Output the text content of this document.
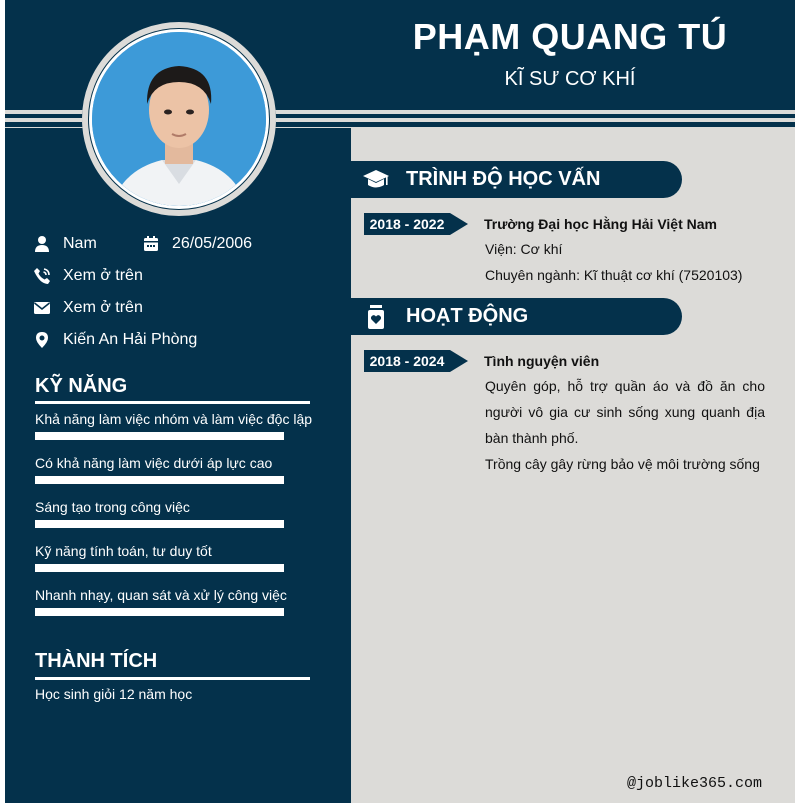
PHẠM QUANG TÚ
KĨ SƯ CƠ KHÍ
Nam	26/05/2006
Xem ở trên
Xem ở trên
Kiến An Hải Phòng
KỸ NĂNG
Khả năng làm việc nhóm và làm việc độc lập
Có khả năng làm việc dưới áp lực cao
Sáng tạo trong công việc
Kỹ năng tính toán, tư duy tốt
Nhanh nhạy, quan sát và xử lý công việc
THÀNH TÍCH
Học sinh giỏi 12 năm học
TRÌNH ĐỘ HỌC VẤN
2018 - 2022	Trường Đại học Hằng Hải Việt Nam
Viện: Cơ khí
Chuyên ngành: Kĩ thuật cơ khí (7520103)
HOẠT ĐỘNG
2018 - 2024	Tình nguyện viên
Quyên góp, hỗ trợ quần áo và đồ ăn cho người vô gia cư sinh sống xung quanh địa bàn thành phố.
Trồng cây gây rừng bảo vệ môi trường sống
@joblike365.com
